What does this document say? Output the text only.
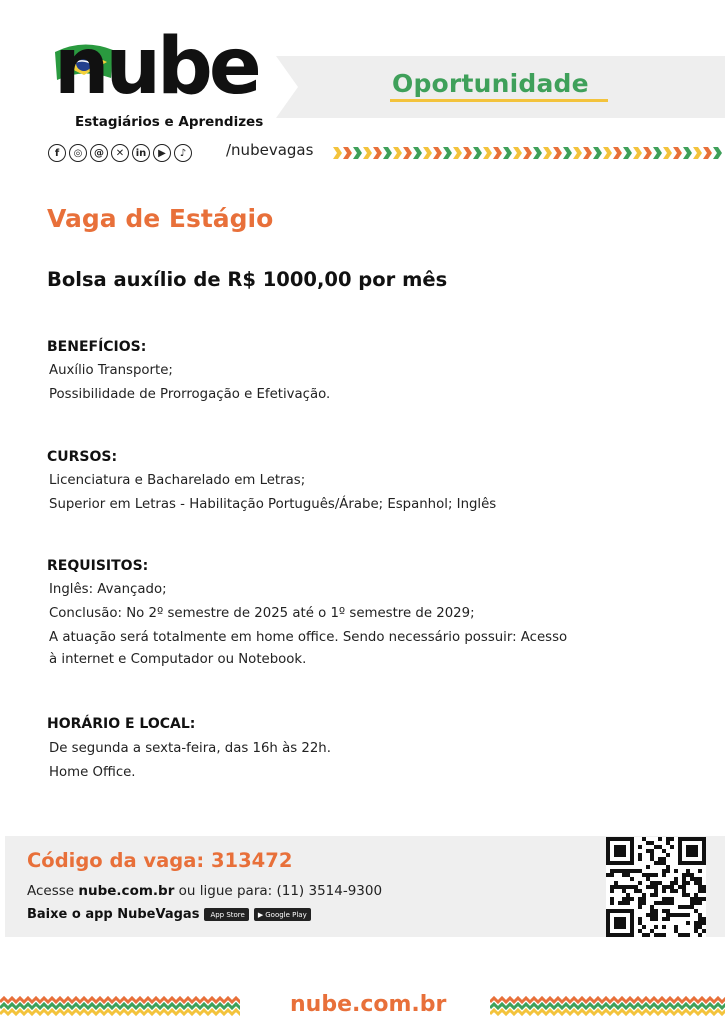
nube
Estagiários e Aprendizes
Oportunidade
f	◎	@	✕	in	▶	♪	/nubevagas
Vaga de Estágio
Bolsa auxílio de R$ 1000,00 por mês
BENEFÍCIOS:
Auxílio Transporte;
Possibilidade de Prorrogação e Efetivação.
CURSOS:
Licenciatura e Bacharelado em Letras;
Superior em Letras - Habilitação Português/Árabe; Espanhol; Inglês
REQUISITOS:
Inglês: Avançado;
Conclusão: No 2º semestre de 2025 até o 1º semestre de 2029;
A atuação será totalmente em home office. Sendo necessário possuir: Acesso
à internet e Computador ou Notebook.
HORÁRIO E LOCAL:
De segunda a sexta-feira, das 16h às 22h.
Home Office.
Código da vaga: 313472
Acesse nube.com.br ou ligue para: (11) 3514-9300
Baixe o app NubeVagas App Store ▶ Google Play
nube.com.br
